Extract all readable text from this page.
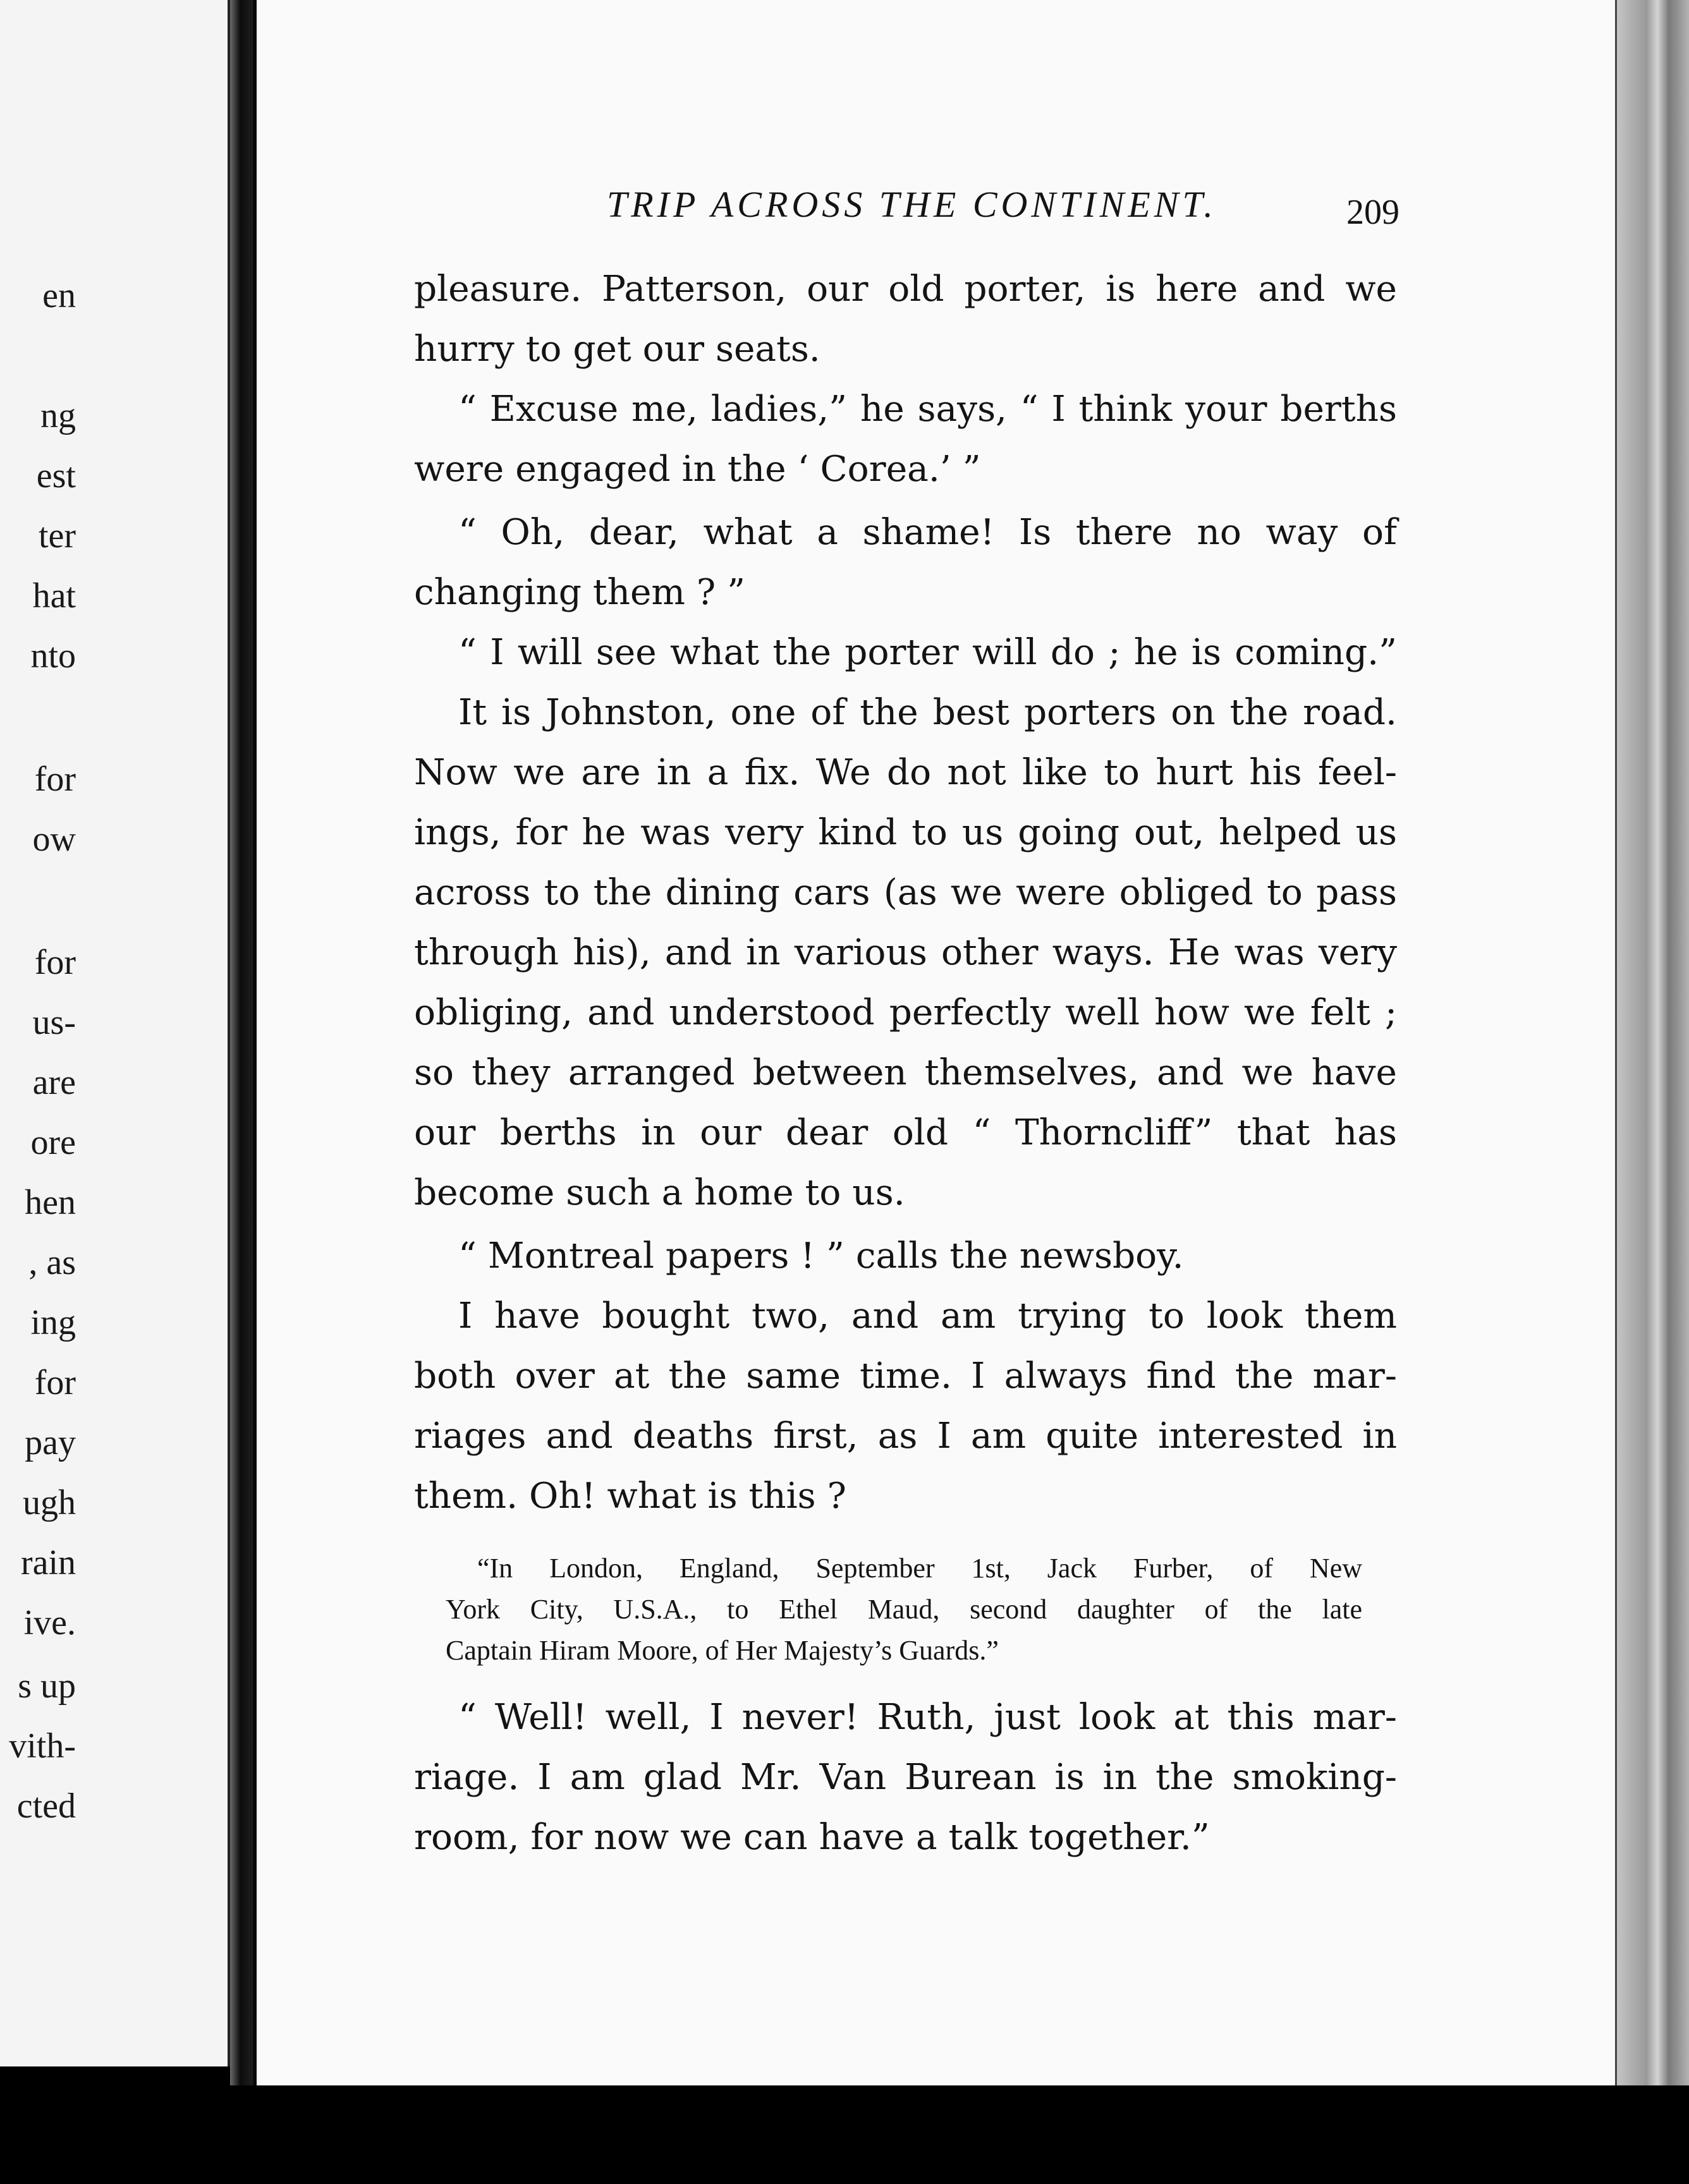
en
ng
est
ter
hat
nto
for
ow
for
us-
are
ore
hen
, as
ing
for
pay
ugh
rain
ive.
s up
vith-
cted
TRIP ACROSS THE CONTINENT.	209
pleasure. Patterson, our old porter, is here and we
hurry to get our seats.
“ Excuse me, ladies,” he says, “ I think your berths
were engaged in the ‘ Corea.’ ”
“ Oh, dear, what a shame! Is there no way of
changing them ? ”
“ I will see what the porter will do ; he is coming.”
It is Johnston, one of the best porters on the road.
Now we are in a fix. We do not like to hurt his feel-
ings, for he was very kind to us going out, helped us
across to the dining cars (as we were obliged to pass
through his), and in various other ways. He was very
obliging, and understood perfectly well how we felt ;
so they arranged between themselves, and we have
our berths in our dear old “ Thorncliff” that has
become such a home to us.
“ Montreal papers ! ” calls the newsboy.
I have bought two, and am trying to look them
both over at the same time. I always find the mar-
riages and deaths first, as I am quite interested in
them. Oh! what is this ?
“In London, England, September 1st, Jack Furber, of New
York City, U.S.A., to Ethel Maud, second daughter of the late
Captain Hiram Moore, of Her Majesty’s Guards.”
“ Well! well, I never! Ruth, just look at this mar-
riage. I am glad Mr. Van Burean is in the smoking-
room, for now we can have a talk together.”
